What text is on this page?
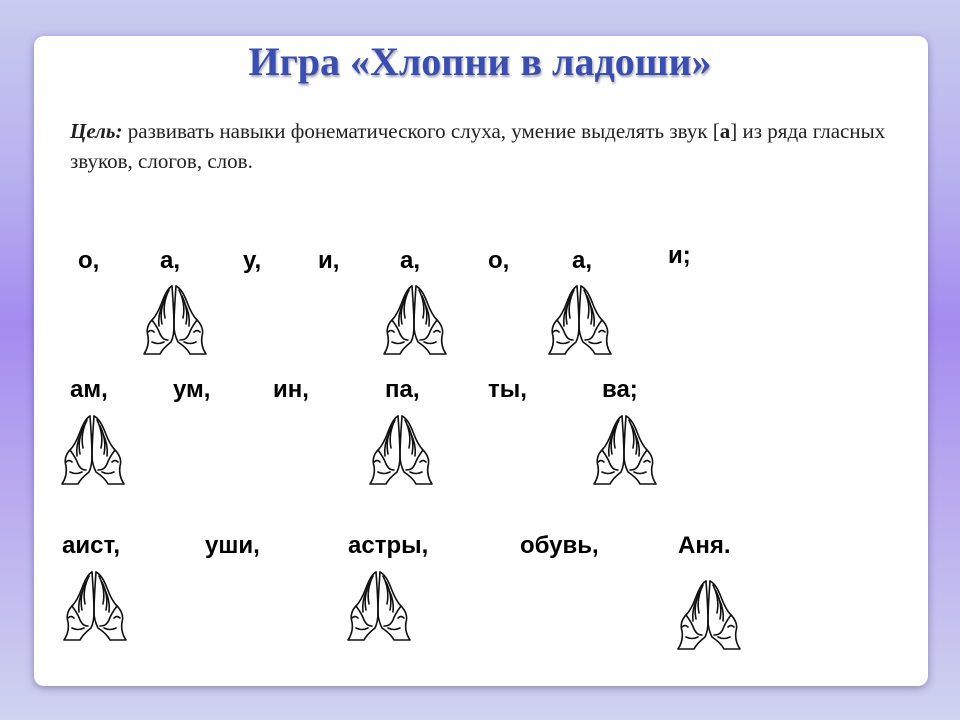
Игра «Хлопни в ладоши»
Цель: развивать навыки фонематического слуха, умение выделять звук [а] из ряда гласных звуков, слогов, слов.
о,	а,	у, и,	а,	о,	а,	и;
ам,	ум,	ин,	па,	ты,	ва;
аист,	уши,	астры,	обувь,	Аня.
